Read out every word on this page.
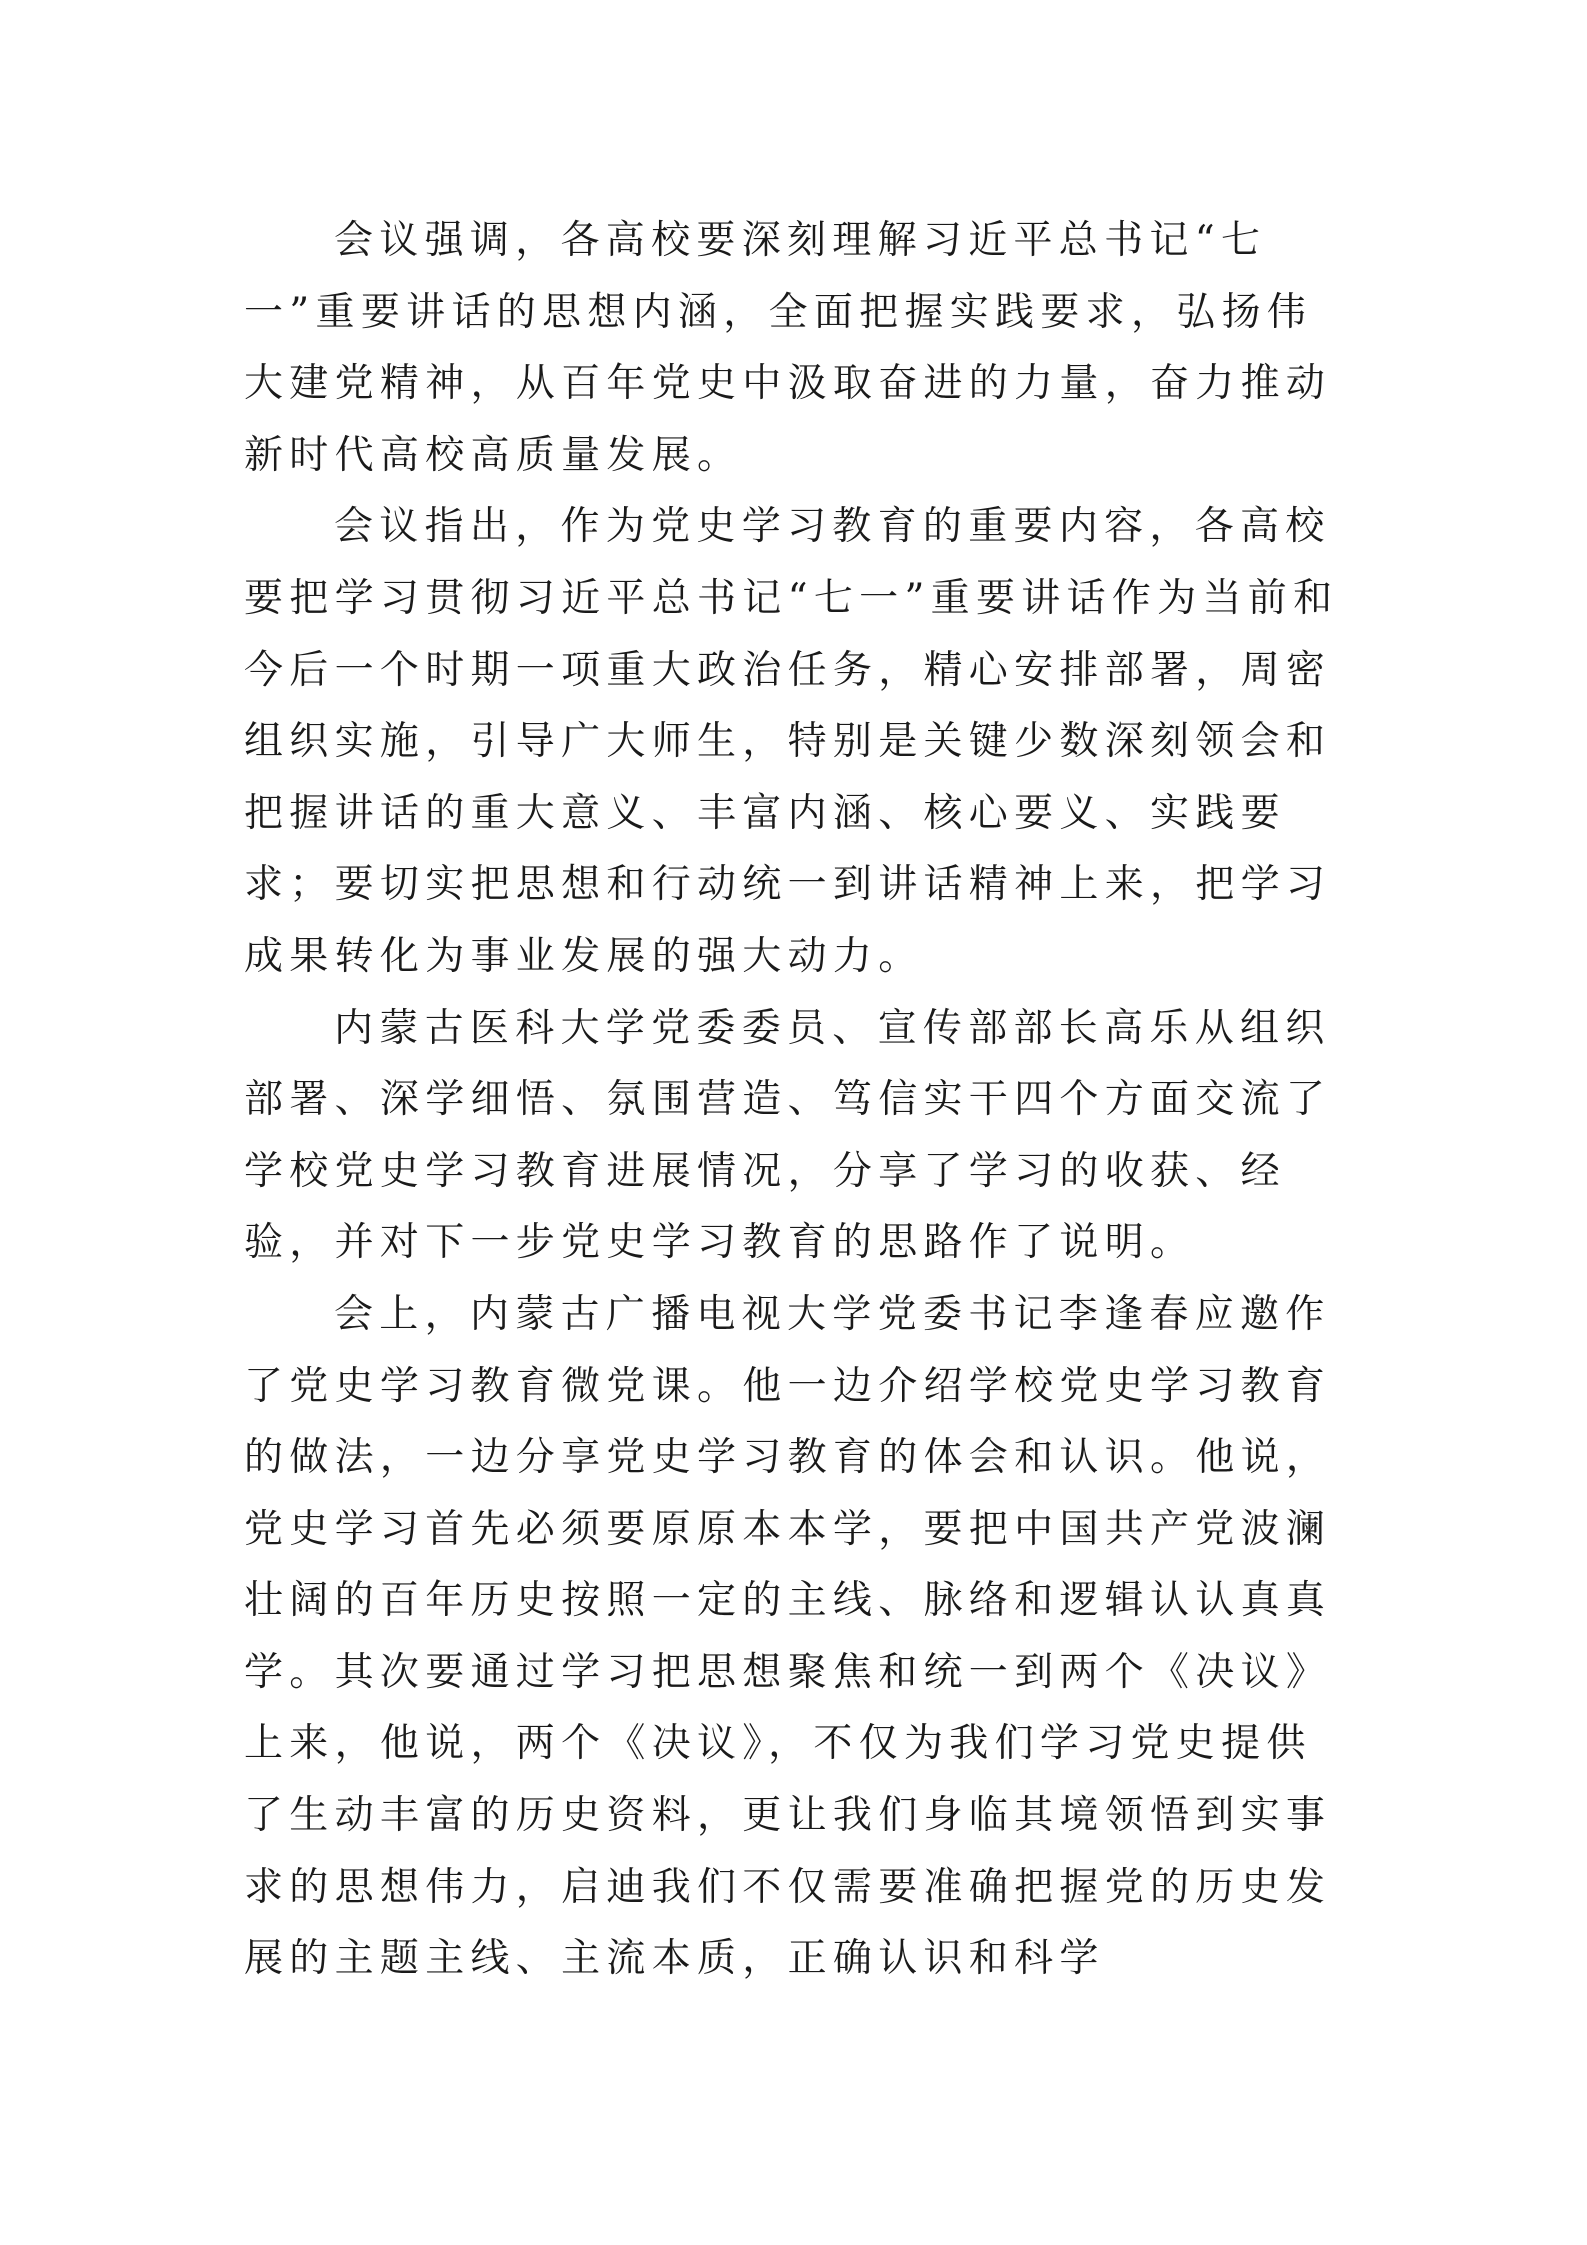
会议强调，各高校要深刻理解习近平总书记“七一”重要讲话的思想内涵，全面把握实践要求，弘扬伟大建党精神，从百年党史中汲取奋进的力量，奋力推动新时代高校高质量发展。

会议指出，作为党史学习教育的重要内容，各高校要把学习贯彻习近平总书记“七一”重要讲话作为当前和今后一个时期一项重大政治任务，精心安排部署，周密组织实施，引导广大师生，特别是关键少数深刻领会和把握讲话的重大意义、丰富内涵、核心要义、实践要求；要切实把思想和行动统一到讲话精神上来，把学习成果转化为事业发展的强大动力。

内蒙古医科大学党委委员、宣传部部长高乐从组织部署、深学细悟、氛围营造、笃信实干四个方面交流了学校党史学习教育进展情况，分享了学习的收获、经验，并对下一步党史学习教育的思路作了说明。

会上，内蒙古广播电视大学党委书记李逢春应邀作了党史学习教育微党课。他一边介绍学校党史学习教育的做法，一边分享党史学习教育的体会和认识。他说，党史学习首先必须要原原本本学，要把中国共产党波澜壮阔的百年历史按照一定的主线、脉络和逻辑认认真真学。其次要通过学习把思想聚焦和统一到两个《决议》上来，他说，两个《决议》，不仅为我们学习党史提供了生动丰富的历史资料，更让我们身临其境领悟到实事求的思想伟力，启迪我们不仅需要准确把握党的历史发展的主题主线、主流本质，正确认识和科学
